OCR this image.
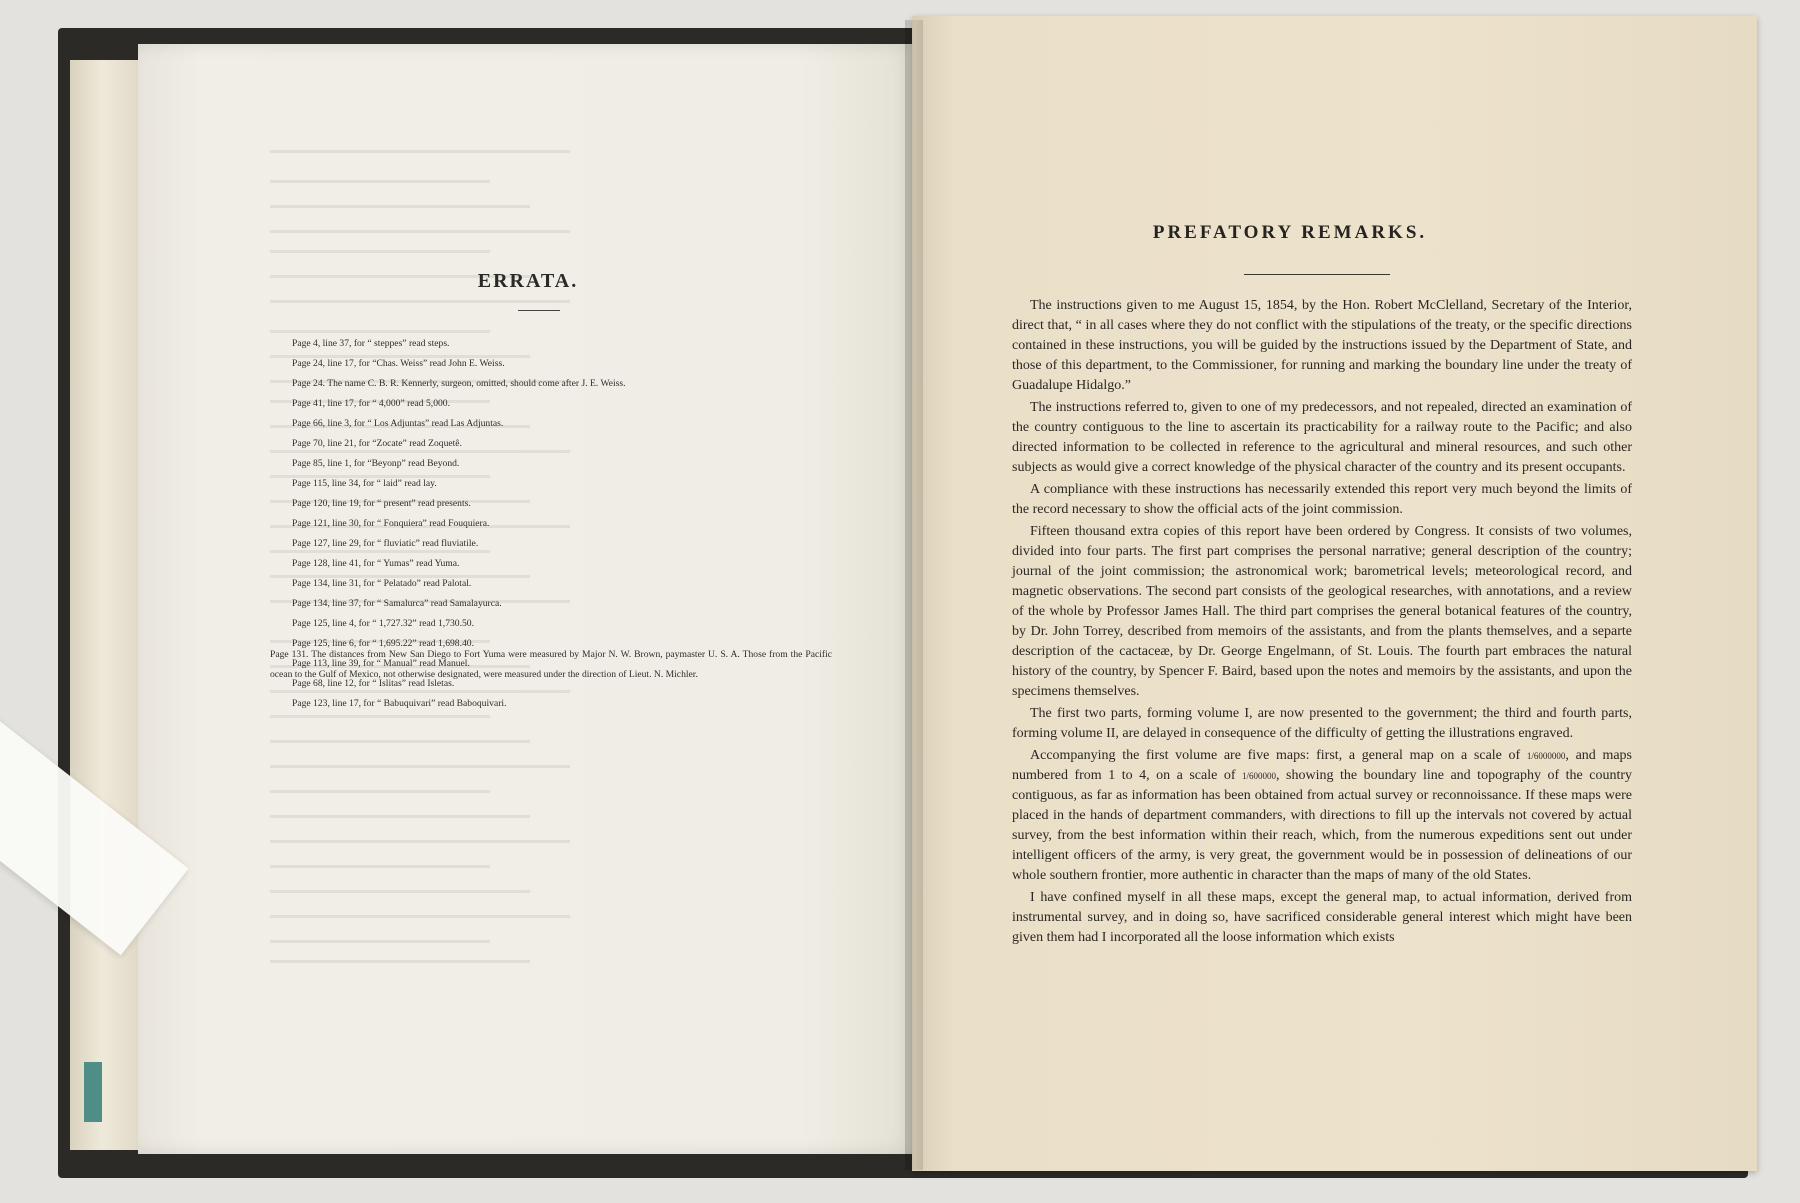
ERRATA.
Page 4, line 37, for “ steppes” read steps.
Page 24, line 17, for “Chas. Weiss” read John E. Weiss.
Page 24. The name C. B. R. Kennerly, surgeon, omitted, should come after J. E. Weiss.
Page 41, line 17, for “ 4,000” read 5,000.
Page 66, line 3, for “ Los Adjuntas” read Las Adjuntas.
Page 70, line 21, for “Zocate” read Zoquetê.
Page 85, line 1, for “Beyonp” read Beyond.
Page 115, line 34, for “ laid” read lay.
Page 120, line 19, for “ present” read presents.
Page 121, line 30, for “ Fonquiera” read Fouquiera.
Page 127, line 29, for “ fluviatic” read fluviatile.
Page 128, line 41, for “ Yumas” read Yuma.
Page 134, line 31, for “ Pelatado” read Palotal.
Page 134, line 37, for “ Samalurca” read Samalayurca.
Page 125, line 4, for “ 1,727.32” read 1,730.50.
Page 125, line 6, for “ 1,695.22” read 1,698.40.
Page 113, line 39, for “ Manual” read Manuel.
Page 68, line 12, for “ Islitas” read Isletas.
Page 123, line 17, for “ Babuquivari” read Baboquivari.
Page 131. The distances from New San Diego to Fort Yuma were measured by Major N. W. Brown, paymaster U. S. A. Those from the Pacific ocean to the Gulf of Mexico, not otherwise designated, were measured under the direction of Lieut. N. Michler.
PREFATORY REMARKS.

The instructions given to me August 15, 1854, by the Hon. Robert McClelland, Secretary of the Interior, direct that, “ in all cases where they do not conflict with the stipulations of the treaty, or the specific directions contained in these instructions, you will be guided by the instructions issued by the Department of State, and those of this department, to the Commissioner, for running and marking the boundary line under the treaty of Guadalupe Hidalgo.”

The instructions referred to, given to one of my predecessors, and not repealed, directed an examination of the country contiguous to the line to ascertain its practicability for a railway route to the Pacific; and also directed information to be collected in reference to the agricultural and mineral resources, and such other subjects as would give a correct knowledge of the physical character of the country and its present occupants.

A compliance with these instructions has necessarily extended this report very much beyond the limits of the record necessary to show the official acts of the joint commission.

Fifteen thousand extra copies of this report have been ordered by Congress. It consists of two volumes, divided into four parts. The first part comprises the personal narrative; general description of the country; journal of the joint commission; the astronomical work; barometrical levels; meteorological record, and magnetic observations. The second part consists of the geological researches, with annotations, and a review of the whole by Professor James Hall. The third part comprises the general botanical features of the country, by Dr. John Torrey, described from memoirs of the assistants, and from the plants themselves, and a separte description of the cactaceæ, by Dr. George Engelmann, of St. Louis. The fourth part embraces the natural history of the country, by Spencer F. Baird, based upon the notes and memoirs by the assistants, and upon the specimens themselves.

The first two parts, forming volume I, are now presented to the government; the third and fourth parts, forming volume II, are delayed in consequence of the difficulty of getting the illustrations engraved.

Accompanying the first volume are five maps: first, a general map on a scale of 1/6000000, and maps numbered from 1 to 4, on a scale of 1/600000, showing the boundary line and topography of the country contiguous, as far as information has been obtained from actual survey or reconnoissance. If these maps were placed in the hands of department commanders, with directions to fill up the intervals not covered by actual survey, from the best information within their reach, which, from the numerous expeditions sent out under intelligent officers of the army, is very great, the government would be in possession of delineations of our whole southern frontier, more authentic in character than the maps of many of the old States.

I have confined myself in all these maps, except the general map, to actual information, derived from instrumental survey, and in doing so, have sacrificed considerable general interest which might have been given them had I incorporated all the loose information which exists
